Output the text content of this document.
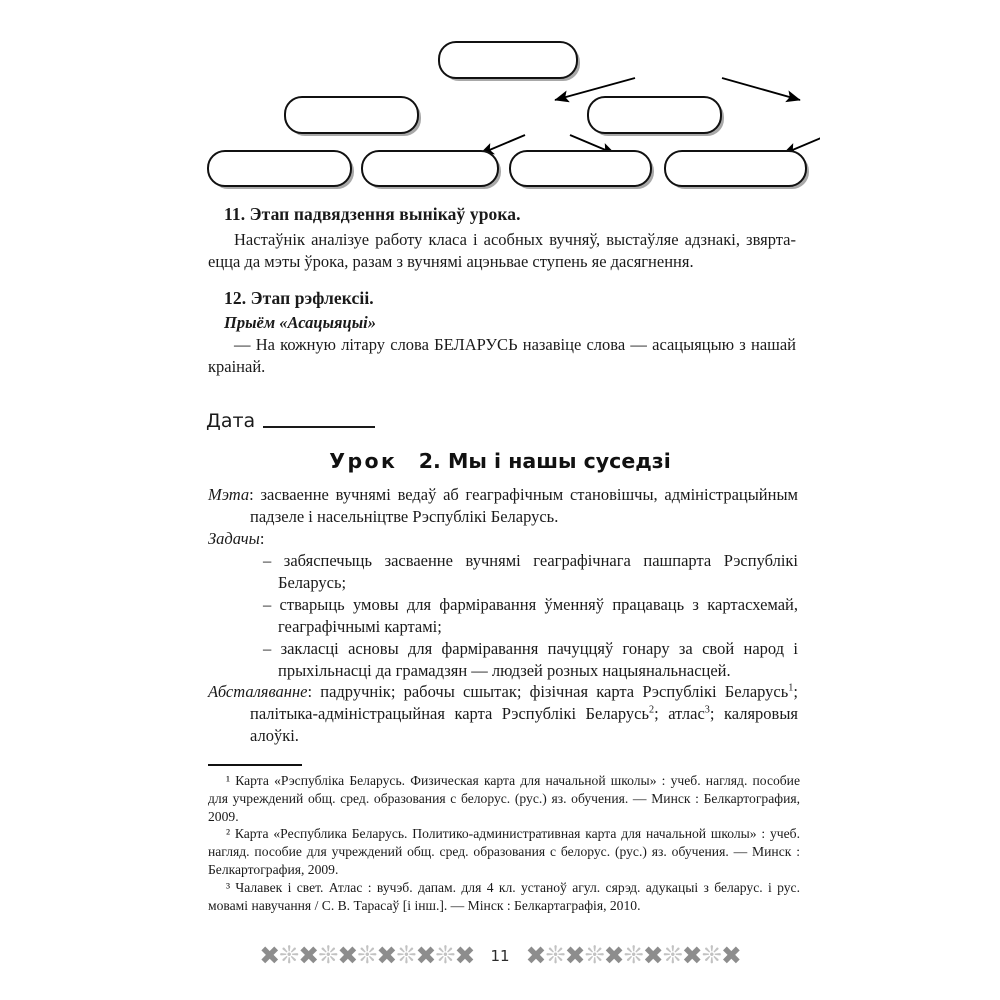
11. Этап падвядзення вынікаў урока.

Настаўнік аналізуе работу класа і асобных вучняў, выстаўляе адзнакі, звяртаецца да мэты ўрока, разам з вучнямі ацэньвае ступень яе дасягнення.

12. Этап рэфлексіі.
Прыём «Асацыяцыі»

— На кожную літару слова БЕЛАРУСЬ назавіце слова — асацыяцыю з нашай краінай.

Дата
Урок 2. Мы і нашы суседзі
Мэта: засваенне вучнямі ведаў аб геаграфічным становішчы, адміністрацыйным падзеле і насельніцтве Рэспублікі Беларусь.
Задачы:
– забяспечыць засваенне вучнямі геаграфічнага пашпарта Рэспублікі Беларусь;
– стварыць умовы для фарміравання ўменняў працаваць з картасхемай, геаграфічнымі картамі;
– закласці асновы для фарміравання пачуццяў гонару за свой народ і прыхільнасці да грамадзян — людзей розных нацыянальнасцей.
Абсталяванне: падручнік; рабочы сшытак; фізічная карта Рэспублікі Беларусь$^1$; палітыка-адміністрацыйная карта Рэспублікі Беларусь$^2$; атлас$^3$; каляровыя алоўкі.

¹ Карта «Рэспубліка Беларусь. Физическая карта для начальной школы» : учеб. нагляд. пособие для учреждений общ. сред. образования с белорус. (рус.) яз. обучения. — Минск : Белкартография, 2009.

² Карта «Республика Беларусь. Политико-административная карта для начальной школы» : учеб. нагляд. пособие для учреждений общ. сред. образования с белорус. (рус.) яз. обучения. — Минск : Белкартография, 2009.

³ Чалавек і свет. Атлас : вучэб. дапам. для 4 кл. устаноў агул. сярэд. адукацыі з беларус. і рус. мовамі навучання / С. В. Тарасаў [і інш.]. — Мінск : Белкартаграфія, 2010.

✖ ❊ ✖ ❊ ✖ ❊ ✖ ❊ ✖ ❊ ✖ 11 ✖ ❊ ✖ ❊ ✖ ❊ ✖ ❊ ✖ ❊ ✖
